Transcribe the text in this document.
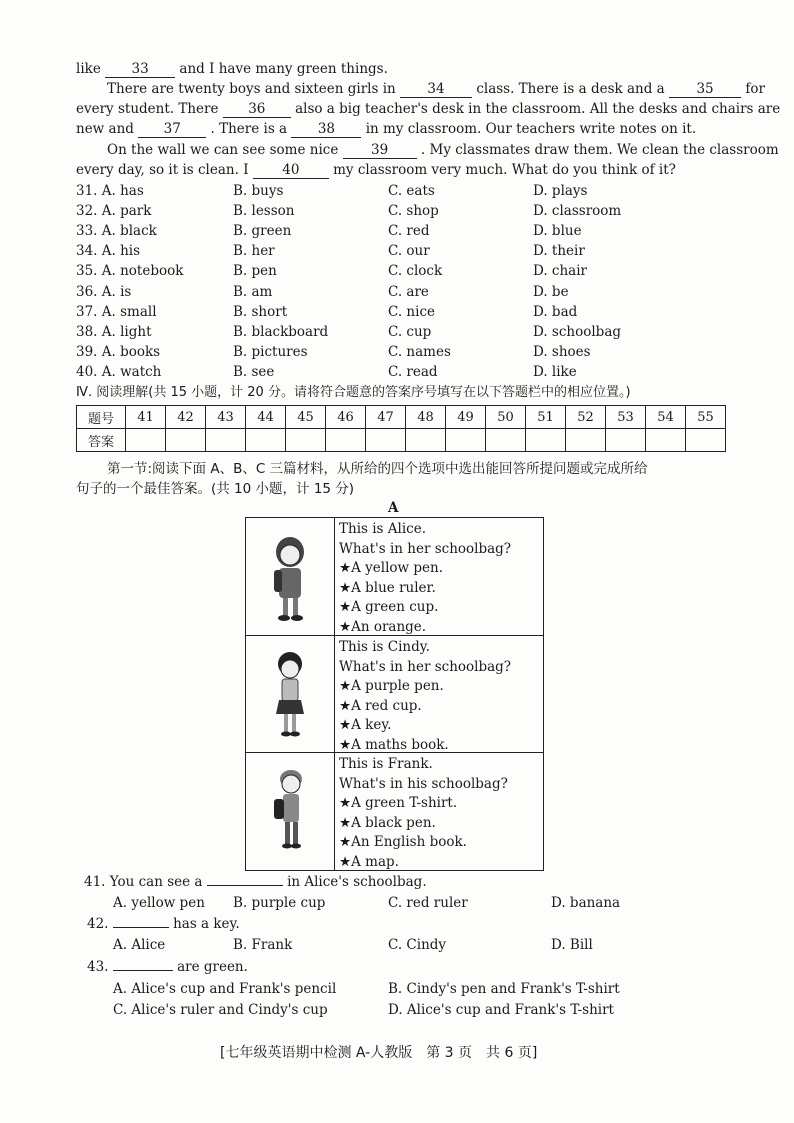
like 33 and I have many green things.
There are twenty boys and sixteen girls in 34 class. There is a desk and a 35 for
every student. There 36 also a big teacher's desk in the classroom. All the desks and chairs are
new and 37 . There is a 38 in my classroom. Our teachers write notes on it.
On the wall we can see some nice 39 . My classmates draw them. We clean the classroom
every day, so it is clean. I 40 my classroom very much. What do you think of it?
31. A. has	B. buys	C. eats	D. plays
32. A. park	B. lesson	C. shop	D. classroom
33. A. black	B. green	C. red	D. blue
34. A. his	B. her	C. our	D. their
35. A. notebook	B. pen	C. clock	D. chair
36. A. is	B. am	C. are	D. be
37. A. small	B. short	C. nice	D. bad
38. A. light	B. blackboard	C. cup	D. schoolbag
39. A. books	B. pictures	C. names	D. shoes
40. A. watch	B. see	C. read	D. like
Ⅳ. 阅读理解(共 15 小题，计 20 分。请将符合题意的答案序号填写在以下答题栏中的相应位置。)
题号	41	42	43	44	45	46	47	48	49	50	51	52	53	54	55
答案															
第一节:阅读下面 A、B、C 三篇材料，从所给的四个选项中选出能回答所提问题或完成所给
句子的一个最佳答案。(共 10 小题，计 15 分)
A
This is Alice.
What's in her schoolbag?
★A yellow pen.
★A blue ruler.
★A green cup.
★An orange.
This is Cindy.
What's in her schoolbag?
★A purple pen.
★A red cup.
★A key.
★A maths book.
This is Frank.
What's in his schoolbag?
★A green T-shirt.
★A black pen.
★An English book.
★A map.
41. You can see a	in Alice's schoolbag.
A. yellow pen B. purple cup	C. red ruler	D. banana
42.	has a key.
A. Alice	B. Frank	C. Cindy	D. Bill
43.	are green.
A. Alice's cup and Frank's pencil	B. Cindy's pen and Frank's T-shirt
C. Alice's ruler and Cindy's cup	D. Alice's cup and Frank's T-shirt
[七年级英语期中检测 A-人教版　第 3 页　共 6 页]
